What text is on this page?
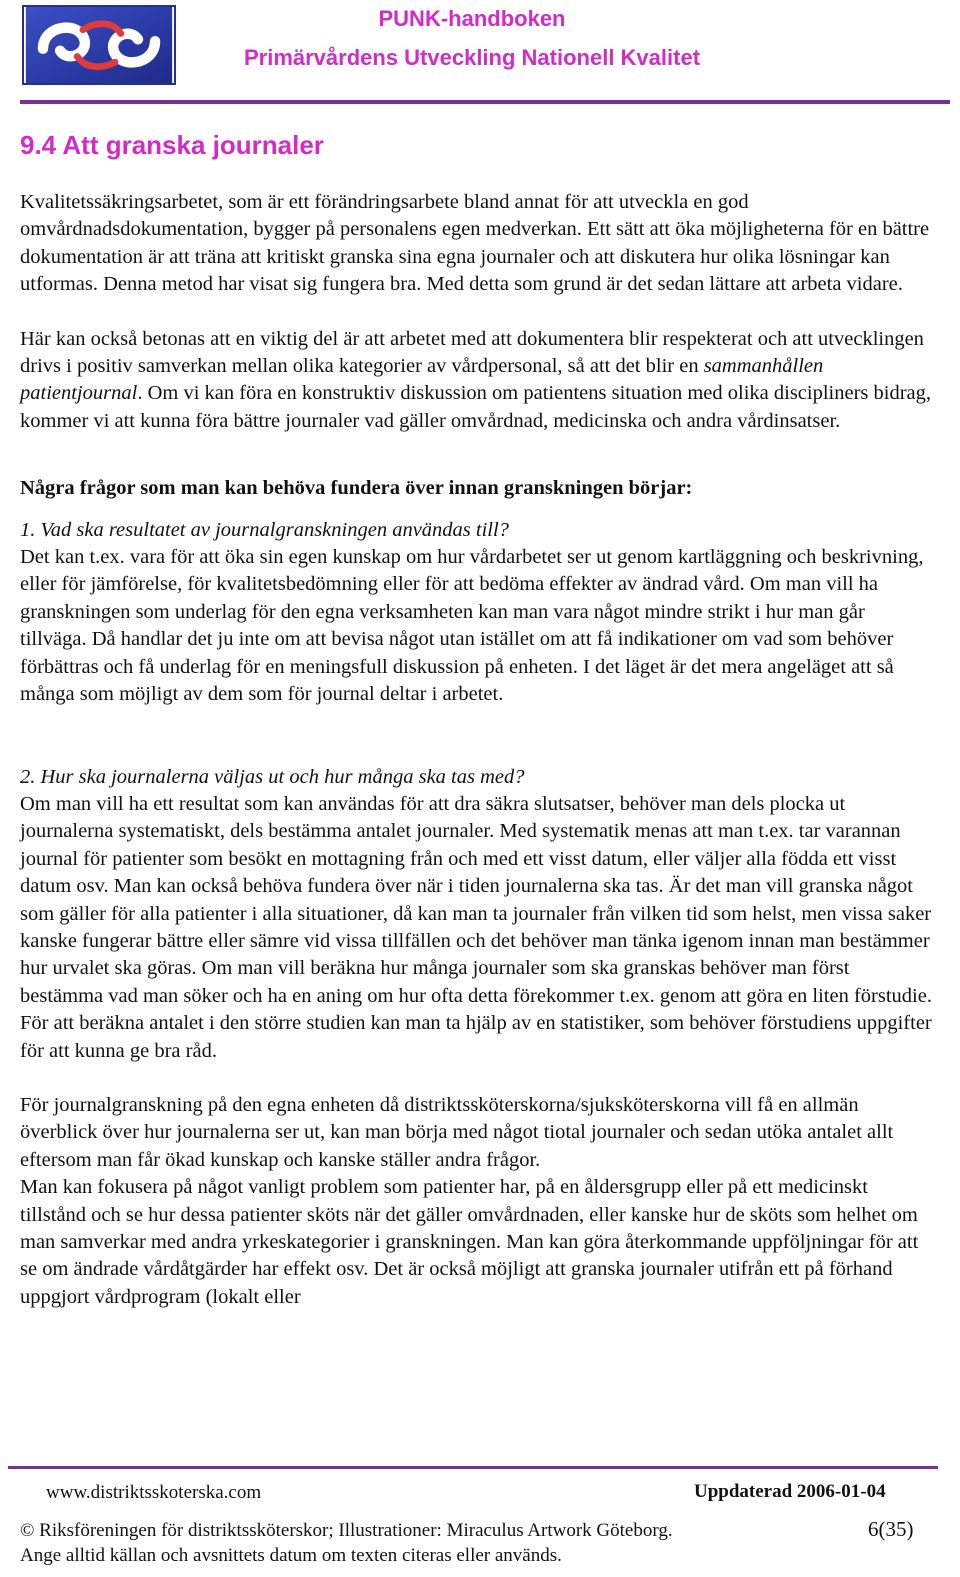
PUNK-handboken
Primärvårdens Utveckling Nationell Kvalitet
9.4 Att granska journaler

Kvalitetssäkringsarbetet, som är ett förändringsarbete bland annat för att utveckla en god omvårdnadsdokumentation, bygger på personalens egen medverkan. Ett sätt att öka möjligheterna för en bättre dokumentation är att träna att kritiskt granska sina egna journaler och att diskutera hur olika lösningar kan utformas. Denna metod har visat sig fungera bra. Med detta som grund är det sedan lättare att arbeta vidare.

Här kan också betonas att en viktig del är att arbetet med att dokumentera blir respekterat och att utvecklingen drivs i positiv samverkan mellan olika kategorier av vårdpersonal, så att det blir en sammanhållen patientjournal. Om vi kan föra en konstruktiv diskussion om patientens situation med olika discipliners bidrag, kommer vi att kunna föra bättre journaler vad gäller omvårdnad, medicinska och andra vårdinsatser.

Några frågor som man kan behöva fundera över innan granskningen börjar:

1. Vad ska resultatet av journalgranskningen användas till?

Det kan t.ex. vara för att öka sin egen kunskap om hur vårdarbetet ser ut genom kartläggning och beskrivning, eller för jämförelse, för kvalitetsbedömning eller för att bedöma effekter av ändrad vård. Om man vill ha granskningen som underlag för den egna verksamheten kan man vara något mindre strikt i hur man går tillväga. Då handlar det ju inte om att bevisa något utan istället om att få indikationer om vad som behöver förbättras och få underlag för en meningsfull diskussion på enheten. I det läget är det mera angeläget att så många som möjligt av dem som för journal deltar i arbetet.

2. Hur ska journalerna väljas ut och hur många ska tas med?

Om man vill ha ett resultat som kan användas för att dra säkra slutsatser, behöver man dels plocka ut journalerna systematiskt, dels bestämma antalet journaler. Med systematik menas att man t.ex. tar varannan journal för patienter som besökt en mottagning från och med ett visst datum, eller väljer alla födda ett visst datum osv. Man kan också behöva fundera över när i tiden journalerna ska tas. Är det man vill granska något som gäller för alla patienter i alla situationer, då kan man ta journaler från vilken tid som helst, men vissa saker kanske fungerar bättre eller sämre vid vissa tillfällen och det behöver man tänka igenom innan man bestämmer hur urvalet ska göras. Om man vill beräkna hur många journaler som ska granskas behöver man först bestämma vad man söker och ha en aning om hur ofta detta förekommer t.ex. genom att göra en liten förstudie. För att beräkna antalet i den större studien kan man ta hjälp av en statistiker, som behöver förstudiens uppgifter för att kunna ge bra råd.

För journalgranskning på den egna enheten då distriktssköterskorna/sjuksköterskorna vill få en allmän överblick över hur journalerna ser ut, kan man börja med något tiotal journaler och sedan utöka antalet allt eftersom man får ökad kunskap och kanske ställer andra frågor.

Man kan fokusera på något vanligt problem som patienter har, på en åldersgrupp eller på ett medicinskt tillstånd och se hur dessa patienter sköts när det gäller omvårdnaden, eller kanske hur de sköts som helhet om man samverkar med andra yrkeskategorier i granskningen. Man kan göra återkommande uppföljningar för att se om ändrade vårdåtgärder har effekt osv. Det är också möjligt att granska journaler utifrån ett på förhand uppgjort vårdprogram (lokalt eller

www.distriktsskoterska.com	Uppdaterad 2006-01-04
© Riksföreningen för distriktssköterskor; Illustrationer: Miraculus Artwork Göteborg.	6(35)
Ange alltid källan och avsnittets datum om texten citeras eller används.
